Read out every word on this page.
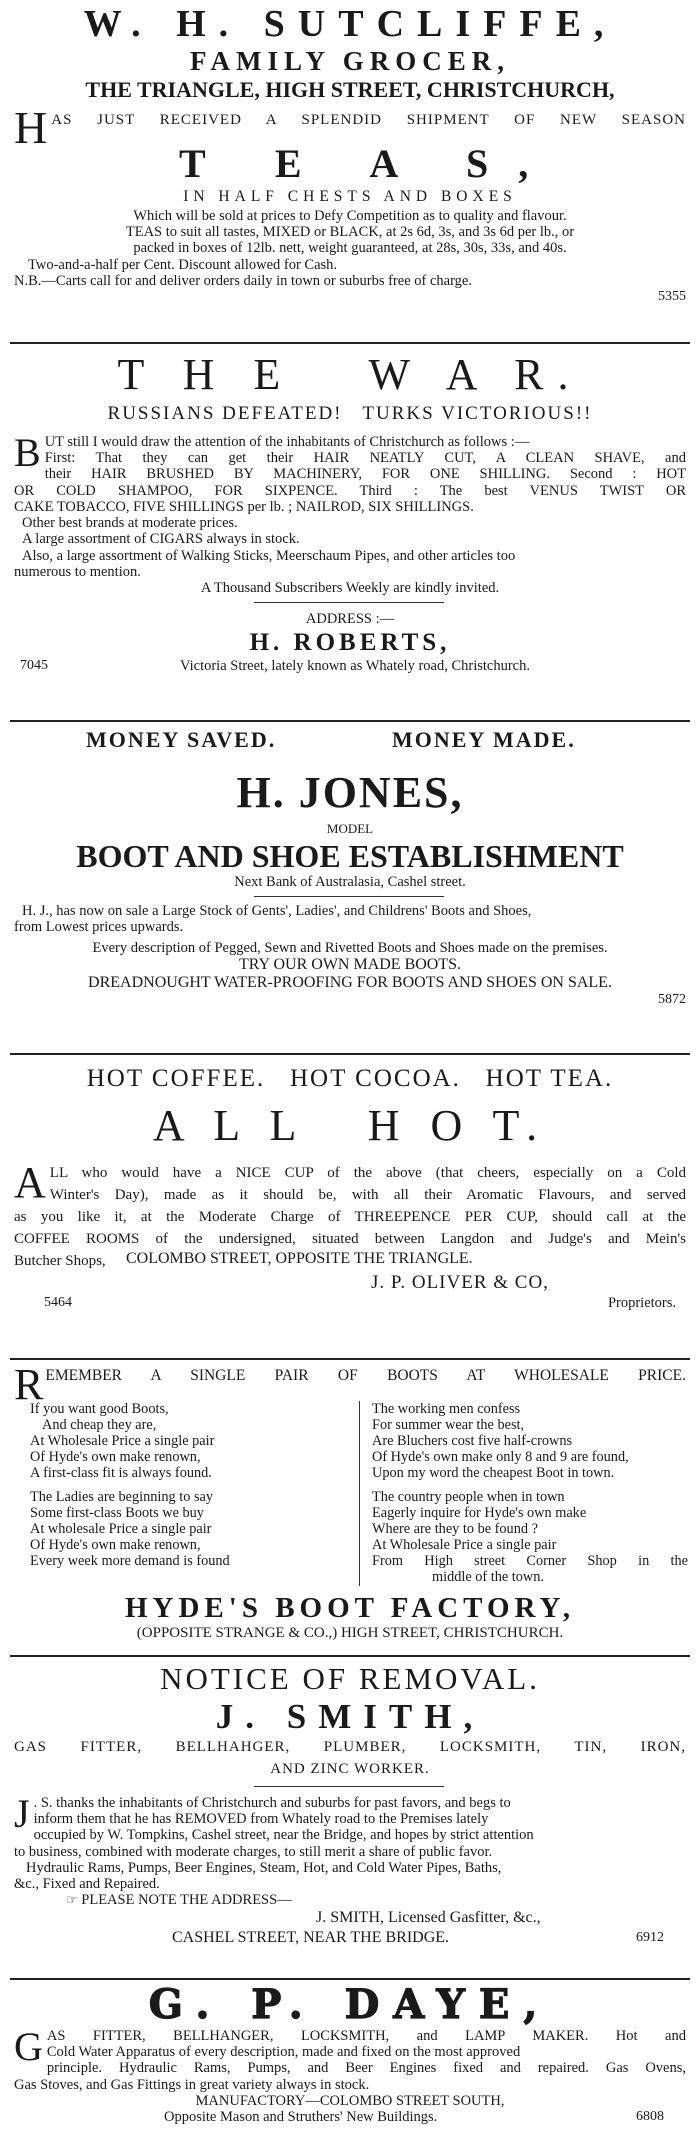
W. H. SUTCLIFFE,
FAMILY GROCER,
THE TRIANGLE, HIGH STREET, CHRISTCHURCH,
H AS JUST RECEIVED A SPLENDID SHIPMENT OF NEW SEASON
T E A S,
IN HALF CHESTS AND BOXES
Which will be sold at prices to Defy Competition as to quality and flavour.
TEAS to suit all tastes, MIXED or BLACK, at 2s 6d, 3s, and 3s 6d per lb., or
packed in boxes of 12lb. nett, weight guaranteed, at 28s, 30s, 33s, and 40s.
Two-and-a-half per Cent. Discount allowed for Cash.
N.B.—Carts call for and deliver orders daily in town or suburbs free of charge.
5355
T H E   W A R.
RUSSIANS DEFEATED!   TURKS VICTORIOUS!!
B UT still I would draw the attention of the inhabitants of Christchurch as follows :—
First: That they can get their HAIR NEATLY CUT, A CLEAN SHAVE, and
their HAIR BRUSHED BY MACHINERY, FOR ONE SHILLING. Second : HOT
OR COLD SHAMPOO, FOR SIXPENCE. Third : The best VENUS TWIST OR
CAKE TOBACCO, FIVE SHILLINGS per lb. ; NAILROD, SIX SHILLINGS.
Other best brands at moderate prices.
A large assortment of CIGARS always in stock.
Also, a large assortment of Walking Sticks, Meerschaum Pipes, and other articles too
numerous to mention.
A Thousand Subscribers Weekly are kindly invited.
ADDRESS :—
H. ROBERTS,
7045	Victoria Street, lately known as Whately road, Christchurch.
MONEY SAVED.	MONEY MADE.
H. JONES,
MODEL
BOOT AND SHOE ESTABLISHMENT
Next Bank of Australasia, Cashel street.
H. J., has now on sale a Large Stock of Gents', Ladies', and Childrens' Boots and Shoes,
from Lowest prices upwards.
Every description of Pegged, Sewn and Rivetted Boots and Shoes made on the premises.
TRY OUR OWN MADE BOOTS.
DREADNOUGHT WATER-PROOFING FOR BOOTS AND SHOES ON SALE.
5872
HOT COFFEE.   HOT COCOA.   HOT TEA.
A L L   H O T.
A LL who would have a NICE CUP of the above (that cheers, especially on a Cold
Winter's Day), made as it should be, with all their Aromatic Flavours, and served
as you like it, at the Moderate Charge of THREEPENCE PER CUP, should call at the
COFFEE ROOMS of the undersigned, situated between Langdon and Judge's and Mein's
Butcher Shops,	COLOMBO STREET, OPPOSITE THE TRIANGLE.
J. P. OLIVER & CO,
5464	Proprietors.
R EMEMBER A SINGLE PAIR OF BOOTS AT WHOLESALE PRICE.
If you want good Boots,
And cheap they are,
At Wholesale Price a single pair
Of Hyde's own make renown,
A first-class fit is always found.
The Ladies are beginning to say
Some first-class Boots we buy
At wholesale Price a single pair
Of Hyde's own make renown,
Every week more demand is found
The working men confess
For summer wear the best,
Are Bluchers cost five half-crowns
Of Hyde's own make only 8 and 9 are found,
Upon my word the cheapest Boot in town.
The country people when in town
Eagerly inquire for Hyde's own make
Where are they to be found ?
At Wholesale Price a single pair
From High street Corner Shop in the
middle of the town.
HYDE'S BOOT FACTORY,
(OPPOSITE STRANGE & CO.,) HIGH STREET, CHRISTCHURCH.
NOTICE OF REMOVAL.
J. SMITH,
GAS FITTER, BELLHAHGER, PLUMBER, LOCKSMITH, TIN, IRON,
AND ZINC WORKER.
J . S. thanks the inhabitants of Christchurch and suburbs for past favors, and begs to
inform them that he has REMOVED from Whately road to the Premises lately
occupied by W. Tompkins, Cashel street, near the Bridge, and hopes by strict attention
to business, combined with moderate charges, to still merit a share of public favor.
Hydraulic Rams, Pumps, Beer Engines, Steam, Hot, and Cold Water Pipes, Baths,
&c., Fixed and Repaired.
☞ PLEASE NOTE THE ADDRESS—
J. SMITH, Licensed Gasfitter, &c.,
CASHEL STREET, NEAR THE BRIDGE.	6912
G. P. DAYE,
G AS FITTER, BELLHANGER, LOCKSMITH, and LAMP MAKER. Hot and
Cold Water Apparatus of every description, made and fixed on the most approved
principle. Hydraulic Rams, Pumps, and Beer Engines fixed and repaired. Gas Ovens,
Gas Stoves, and Gas Fittings in great variety always in stock.
MANUFACTORY—COLOMBO STREET SOUTH,
Opposite Mason and Struthers' New Buildings.	6808
